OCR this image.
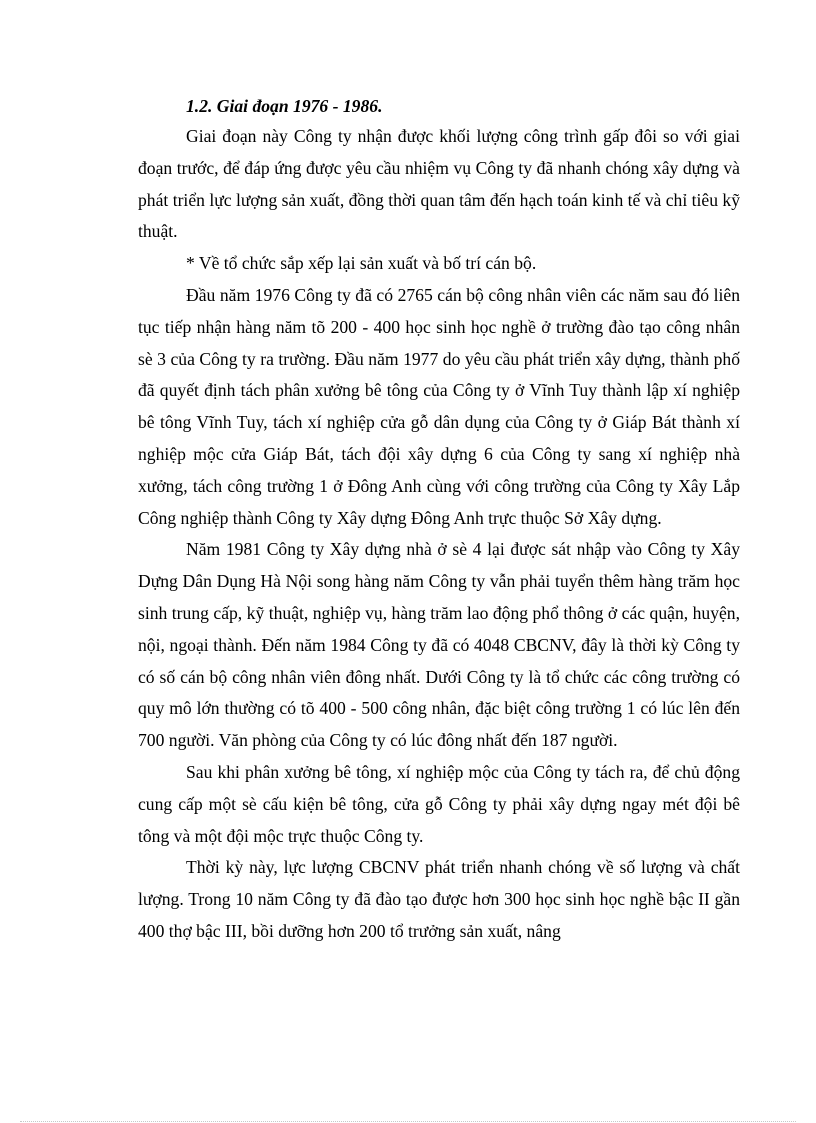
1.2. Giai đoạn 1976 - 1986.

Giai đoạn này Công ty nhận được khối lượng công trình gấp đôi so với giai đoạn trước, để đáp ứng được yêu cầu nhiệm vụ Công ty đã nhanh chóng xây dựng và phát triển lực lượng sản xuất, đồng thời quan tâm đến hạch toán kinh tế và chỉ tiêu kỹ thuật.

* Về tổ chức sắp xếp lại sản xuất và bố trí cán bộ.

Đầu năm 1976 Công ty đã có 2765 cán bộ công nhân viên các năm sau đó liên tục tiếp nhận hàng năm tõ 200 - 400 học sinh học nghề ở trường đào tạo công nhân sè 3 của Công ty ra trường. Đầu năm 1977 do yêu cầu phát triển xây dựng, thành phố đã quyết định tách phân xưởng bê tông của Công ty ở Vĩnh Tuy thành lập xí nghiệp bê tông Vĩnh Tuy, tách xí nghiệp cửa gỗ dân dụng của Công ty ở Giáp Bát thành xí nghiệp mộc cửa Giáp Bát, tách đội xây dựng 6 của Công ty sang xí nghiệp nhà xưởng, tách công trường 1 ở Đông Anh cùng với công trường của Công ty Xây Lắp Công nghiệp thành Công ty Xây dựng Đông Anh trực thuộc Sở Xây dựng.

Năm 1981 Công ty Xây dựng nhà ở sè 4 lại được sát nhập vào Công ty Xây Dựng Dân Dụng Hà Nội song hàng năm Công ty vẫn phải tuyển thêm hàng trăm học sinh trung cấp, kỹ thuật, nghiệp vụ, hàng trăm lao động phổ thông ở các quận, huyện, nội, ngoại thành. Đến năm 1984 Công ty đã có 4048 CBCNV, đây là thời kỳ Công ty có số cán bộ công nhân viên đông nhất. Dưới Công ty là tổ chức các công trường có quy mô lớn thường có tõ 400 - 500 công nhân, đặc biệt công trường 1 có lúc lên đến 700 người. Văn phòng của Công ty có lúc đông nhất đến 187 người.

Sau khi phân xưởng bê tông, xí nghiệp mộc của Công ty tách ra, để chủ động cung cấp một sè cấu kiện bê tông, cửa gỗ Công ty phải xây dựng ngay mét đội bê tông và một đội mộc trực thuộc Công ty.

Thời kỳ này, lực lượng CBCNV phát triển nhanh chóng về số lượng và chất lượng. Trong 10 năm Công ty đã đào tạo được hơn 300 học sinh học nghề bậc II gần 400 thợ bậc III, bồi dưỡng hơn 200 tổ trưởng sản xuất, nâng
